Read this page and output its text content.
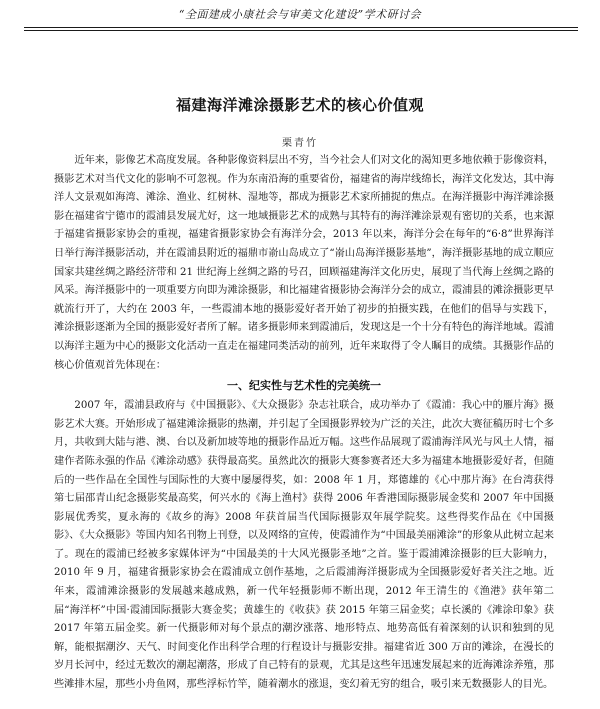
“全面建成小康社会与审美文化建设”学术研讨会
福建海洋滩涂摄影艺术的核心价值观
栗青竹

近年来，影像艺术高度发展。各种影像资料层出不穷，当今社会人们对文化的渴知更多地依赖于影像资料，摄影艺术对当代文化的影响不可忽视。作为东南沿海的重要省份，福建省的海岸线绵长，海洋文化发达，其中海洋人文景观如海湾、滩涂、渔业、红树林、湿地等，都成为摄影艺术家所捕捉的焦点。在海洋摄影中海洋滩涂摄影在福建省宁德市的霞浦县发展尤好，这一地域摄影艺术的成熟与其特有的海洋滩涂景观有密切的关系，也来源于福建省摄影家协会的重视，福建省摄影家协会有海洋分会，2013 年以来，海洋分会在每年的“6·8”世界海洋日举行海洋摄影活动，并在霞浦县附近的福鼎市嵛山岛成立了“嵛山岛海洋摄影基地”，海洋摄影基地的成立顺应国家共建丝绸之路经济带和 21 世纪海上丝绸之路的号召，回顾福建海洋文化历史，展现了当代海上丝绸之路的风采。海洋摄影中的一项重要方向即为滩涂摄影，和比福建省摄影协会海洋分会的成立，霞浦县的滩涂摄影更早就流行开了，大约在 2003 年，一些霞浦本地的摄影爱好者开始了初步的拍摄实践，在他们的倡导与实践下，滩涂摄影逐渐为全国的摄影爱好者所了解。诸多摄影师来到霞浦后，发现这是一个十分有特色的海洋地域。霞浦以海洋主题为中心的摄影文化活动一直走在福建同类活动的前列，近年来取得了令人瞩目的成绩。其摄影作品的核心价值观首先体现在：

一、纪实性与艺术性的完美统一

2007 年，霞浦县政府与《中国摄影》、《大众摄影》杂志社联合，成功举办了《霞浦：我心中的雁片海》摄影艺术大赛。开始形成了福建滩涂摄影的热潮，并引起了全国摄影界较为广泛的关注，此次大赛征稿历时七个多月，共收到大陆与港、澳、台以及新加坡等地的摄影作品近万幅。这些作品展现了霞浦海洋风光与风土人情，福建作者陈永强的作品《滩涂动感》获得最高奖。虽然此次的摄影大赛参赛者还大多为福建本地摄影爱好者，但随后的一些作品在全国性与国际性的大赛中屡屡得奖，如：2008 年 1 月，郑德雄的《心中那片海》在台湾获得第七届邵青山纪念摄影奖最高奖，何兴水的《海上渔村》获得 2006 年香港国际摄影展金奖和 2007 年中国摄影展优秀奖，夏永海的《故乡的海》2008 年获首届当代国际摄影双年展学院奖。这些得奖作品在《中国摄影》、《大众摄影》等国内知名刊物上刊登，以及网络的宣传，使霞浦作为“中国最美丽滩涂”的形象从此树立起来了。现在的霞浦已经被多家媒体评为“中国最美的十大风光摄影圣地”之首。鉴于霞浦滩涂摄影的巨大影响力，2010 年 9 月，福建省摄影家协会在霞浦成立创作基地，之后霞浦海洋摄影成为全国摄影爱好者关注之地。近年来，霞浦滩涂摄影的发展越来越成熟，新一代年轻摄影师不断出现，2012 年王清生的《渔港》获年第二届“海洋杯”中国·霞浦国际摄影大赛金奖；黄雄生的《收获》获 2015 年第三届金奖；卓长溪的《滩涂印象》获 2017 年第五届金奖。新一代摄影师对每个景点的潮汐涨落、地形特点、地势高低有着深刻的认识和独到的见解，能根据潮汐、天气、时间变化作出科学合理的行程设计与摄影安排。福建省近 300 万亩的滩涂，在漫长的岁月长河中，经过无数次的潮起潮落，形成了自己特有的景观，尤其是这些年迅速发展起来的近海滩涂养殖，那些滩排木屋，那些小舟鱼网，那些浮标竹竿，随着潮水的涨退，变幻着无穷的组合，吸引来无数摄影人的目光。
